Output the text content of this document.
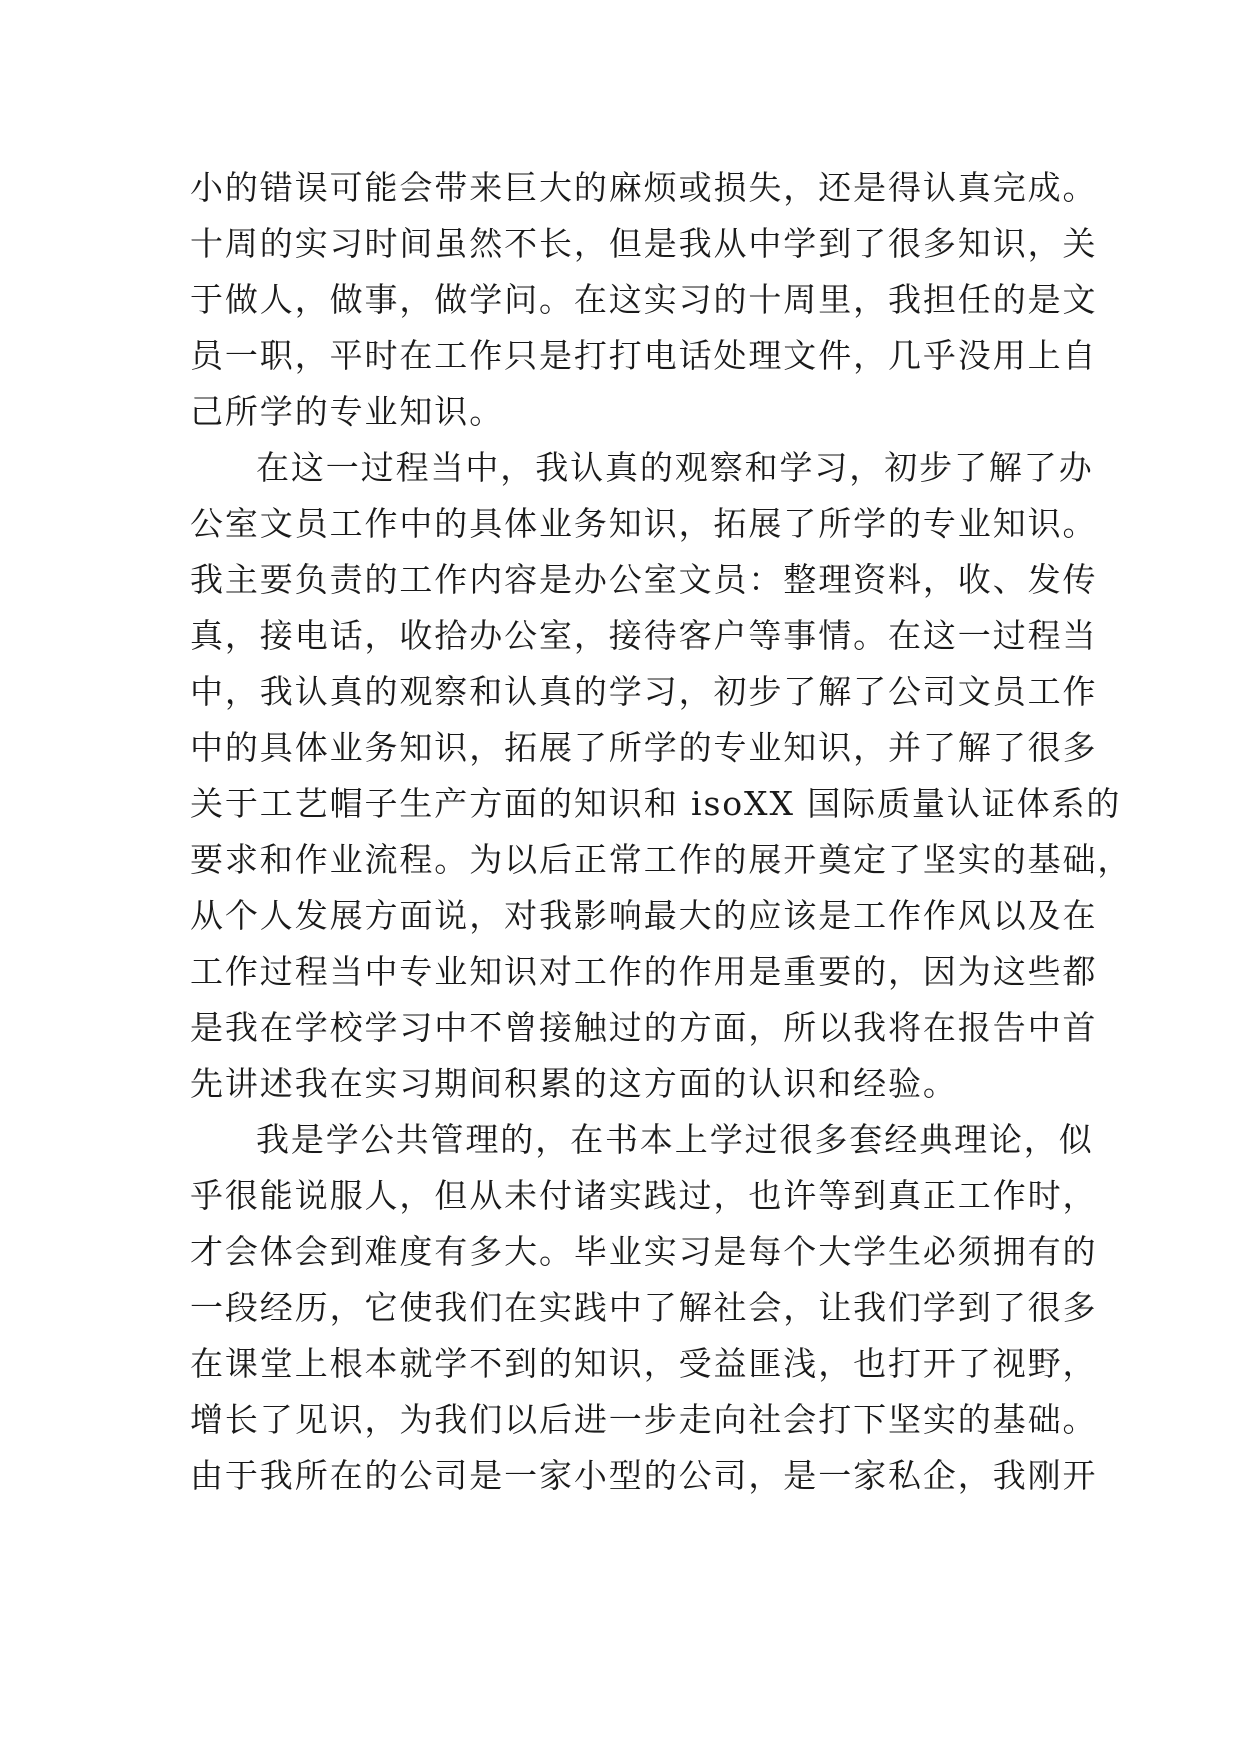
小的错误可能会带来巨大的麻烦或损失，还是得认真完成。
十周的实习时间虽然不长，但是我从中学到了很多知识，关
于做人，做事，做学问。在这实习的十周里，我担任的是文
员一职，平时在工作只是打打电话处理文件，几乎没用上自
己所学的专业知识。
在这一过程当中，我认真的观察和学习，初步了解了办
公室文员工作中的具体业务知识，拓展了所学的专业知识。
我主要负责的工作内容是办公室文员：整理资料，收、发传
真，接电话，收拾办公室，接待客户等事情。在这一过程当
中，我认真的观察和认真的学习，初步了解了公司文员工作
中的具体业务知识，拓展了所学的专业知识，并了解了很多
关于工艺帽子生产方面的知识和 isoXX 国际质量认证体系的
要求和作业流程。为以后正常工作的展开奠定了坚实的基础，
从个人发展方面说，对我影响最大的应该是工作作风以及在
工作过程当中专业知识对工作的作用是重要的，因为这些都
是我在学校学习中不曾接触过的方面，所以我将在报告中首
先讲述我在实习期间积累的这方面的认识和经验。
我是学公共管理的，在书本上学过很多套经典理论，似
乎很能说服人，但从未付诸实践过，也许等到真正工作时，
才会体会到难度有多大。毕业实习是每个大学生必须拥有的
一段经历，它使我们在实践中了解社会，让我们学到了很多
在课堂上根本就学不到的知识，受益匪浅，也打开了视野，
增长了见识，为我们以后进一步走向社会打下坚实的基础。
由于我所在的公司是一家小型的公司，是一家私企，我刚开
